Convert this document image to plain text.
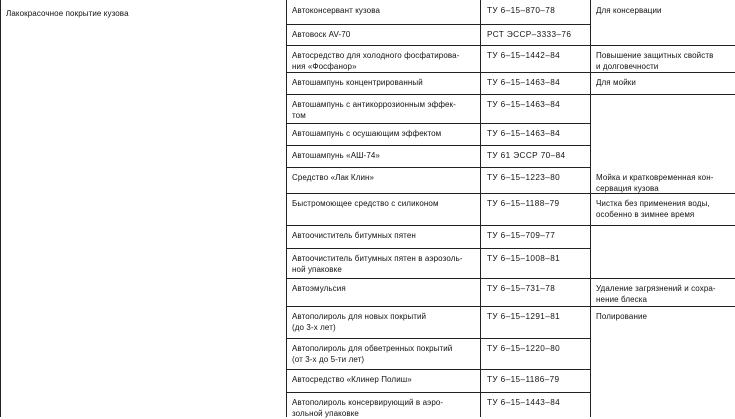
Лакокрасочное покрытие кузова	Автоконсервант кузова	ТУ 6–15–870–78	Для консервации
Автовоск AV-70	РСТ ЭССР–3333–76
Автосредство для холодного фосфатирова-
ния «Фосфанор»
ТУ 6–15–1442–84	Повышение защитных свойств
и долговечности
Автошампунь концентрированный	ТУ 6–15–1463–84	Для мойки
Автошампунь с антикоррозионным эффек-
том
ТУ 6–15–1463–84
Автошампунь с осушающим эффектом	ТУ 6–15–1463–84
Автошампунь «АШ-74»	ТУ 61 ЭССР 70–84
Средство «Лак Клин»	ТУ 6–15–1223–80	Мойка и кратковременная кон-
сервация кузова
Быстромоющее средство с силиконом	ТУ 6–15–1188–79	Чистка без применения воды,
особенно в зимнее время
Автоочиститель битумных пятен	ТУ 6–15–709–77
Автоочиститель битумных пятен в аэрозоль-
ной упаковке
ТУ 6–15–1008–81
Автоэмульсия	ТУ 6–15–731–78	Удаление загрязнений и сохра-
нение блеска
Автополироль для новых покрытий
(до 3-х лет)
ТУ 6–15–1291–81	Полирование
Автополироль для обветренных покрытий
(от 3-х до 5-ти лет)
ТУ 6–15–1220–80
Автосредство «Клинер Полиш»	ТУ 6–15–1186–79
Автополироль консервирующий в аэро-
зольной упаковке
ТУ 6–15–1443–84
